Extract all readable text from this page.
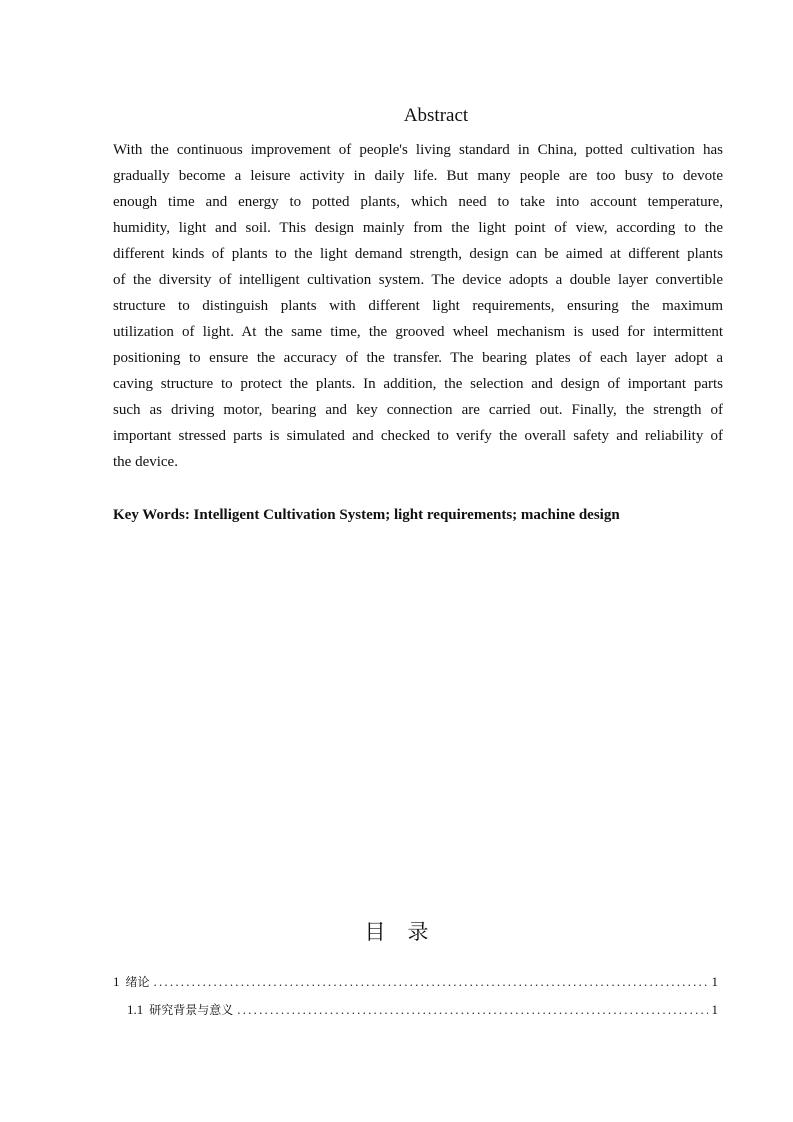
Abstract
With the continuous improvement of people's living standard in China, potted cultivation has
gradually become a leisure activity in daily life. But many people are too busy to devote
enough time and energy to potted plants, which need to take into account temperature,
humidity, light and soil. This design mainly from the light point of view, according to the
different kinds of plants to the light demand strength, design can be aimed at different plants
of the diversity of intelligent cultivation system. The device adopts a double layer convertible
structure to distinguish plants with different light requirements, ensuring the maximum
utilization of light. At the same time, the grooved wheel mechanism is used for intermittent
positioning to ensure the accuracy of the transfer. The bearing plates of each layer adopt a
caving structure to protect the plants. In addition, the selection and design of important parts
such as driving motor, bearing and key connection are carried out. Finally, the strength of
important stressed parts is simulated and checked to verify the overall safety and reliability of
the device.

Key Words: Intelligent Cultivation System; light requirements; machine design

目 录
1 绪论 .....	1
1.1 研究背景与意义 .....	1
